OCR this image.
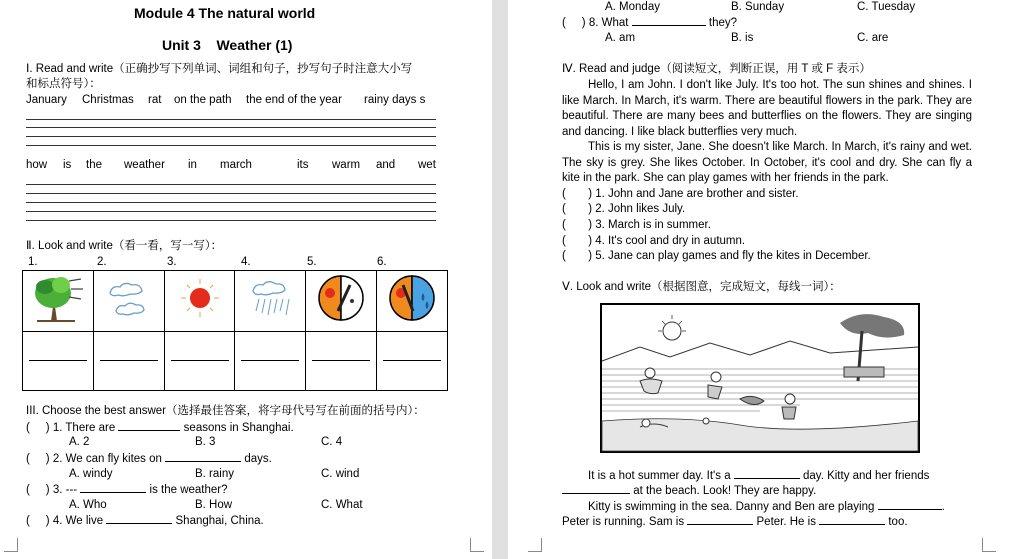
Module 4 The natural world
Unit 3    Weather (1)
Ⅰ. Read and write（正确抄写下列单词、词组和句子，抄写句子时注意大小写
和标点符号）：
January Christmas rat on the path the end of the year rainy days s
how is the weather in march	its warm and wet
Ⅱ. Look and write（看一看，写一写）：
1.	2.	3.	4.	5.	6.

III. Choose the best answer（选择最佳答案，将字母代号写在前面的括号内）：
(     ) 1. There are	seasons in Shanghai.
A. 2	B. 3	C. 4
(     ) 2. We can fly kites on	days.
A. windy	B. rainy	C. wind
(     ) 3. ---	is the weather?
A. Who	B. How	C. What
(     ) 4. We live	Shanghai, China.
A. Monday	B. Sunday	C. Tuesday
(     ) 8. What	they?
A. am	B. is	C. are
Ⅳ. Read and judge（阅读短文，判断正误，用 T 或 F 表示）
Hello, I am John. I don't like July. It's too hot. The sun shines and shines. I like March. In March, it's warm. There are beautiful flowers in the park. They are beautiful. There are many bees and butterflies on the flowers. They are singing and dancing. I like black butterflies very much.
This is my sister, Jane. She doesn't like March. In March, it's rainy and wet. The sky is grey. She likes October. In October, it's cool and dry. She can fly a kite in the park. She can play games with her friends in the park.
(       ) 1. John and Jane are brother and sister.
(       ) 2. John likes July.
(       ) 3. March is in summer.
(       ) 4. It's cool and dry in autumn.
(       ) 5. Jane can play games and fly the kites in December.
Ⅴ. Look and write（根据图意，完成短文，每线一词）：
It is a hot summer day. It's a	day. Kitty and her friends
at the beach. Look! They are happy.
Kitty is swimming in the sea. Danny and Ben are playing	.
Peter is running. Sam is	Peter. He is	too.
